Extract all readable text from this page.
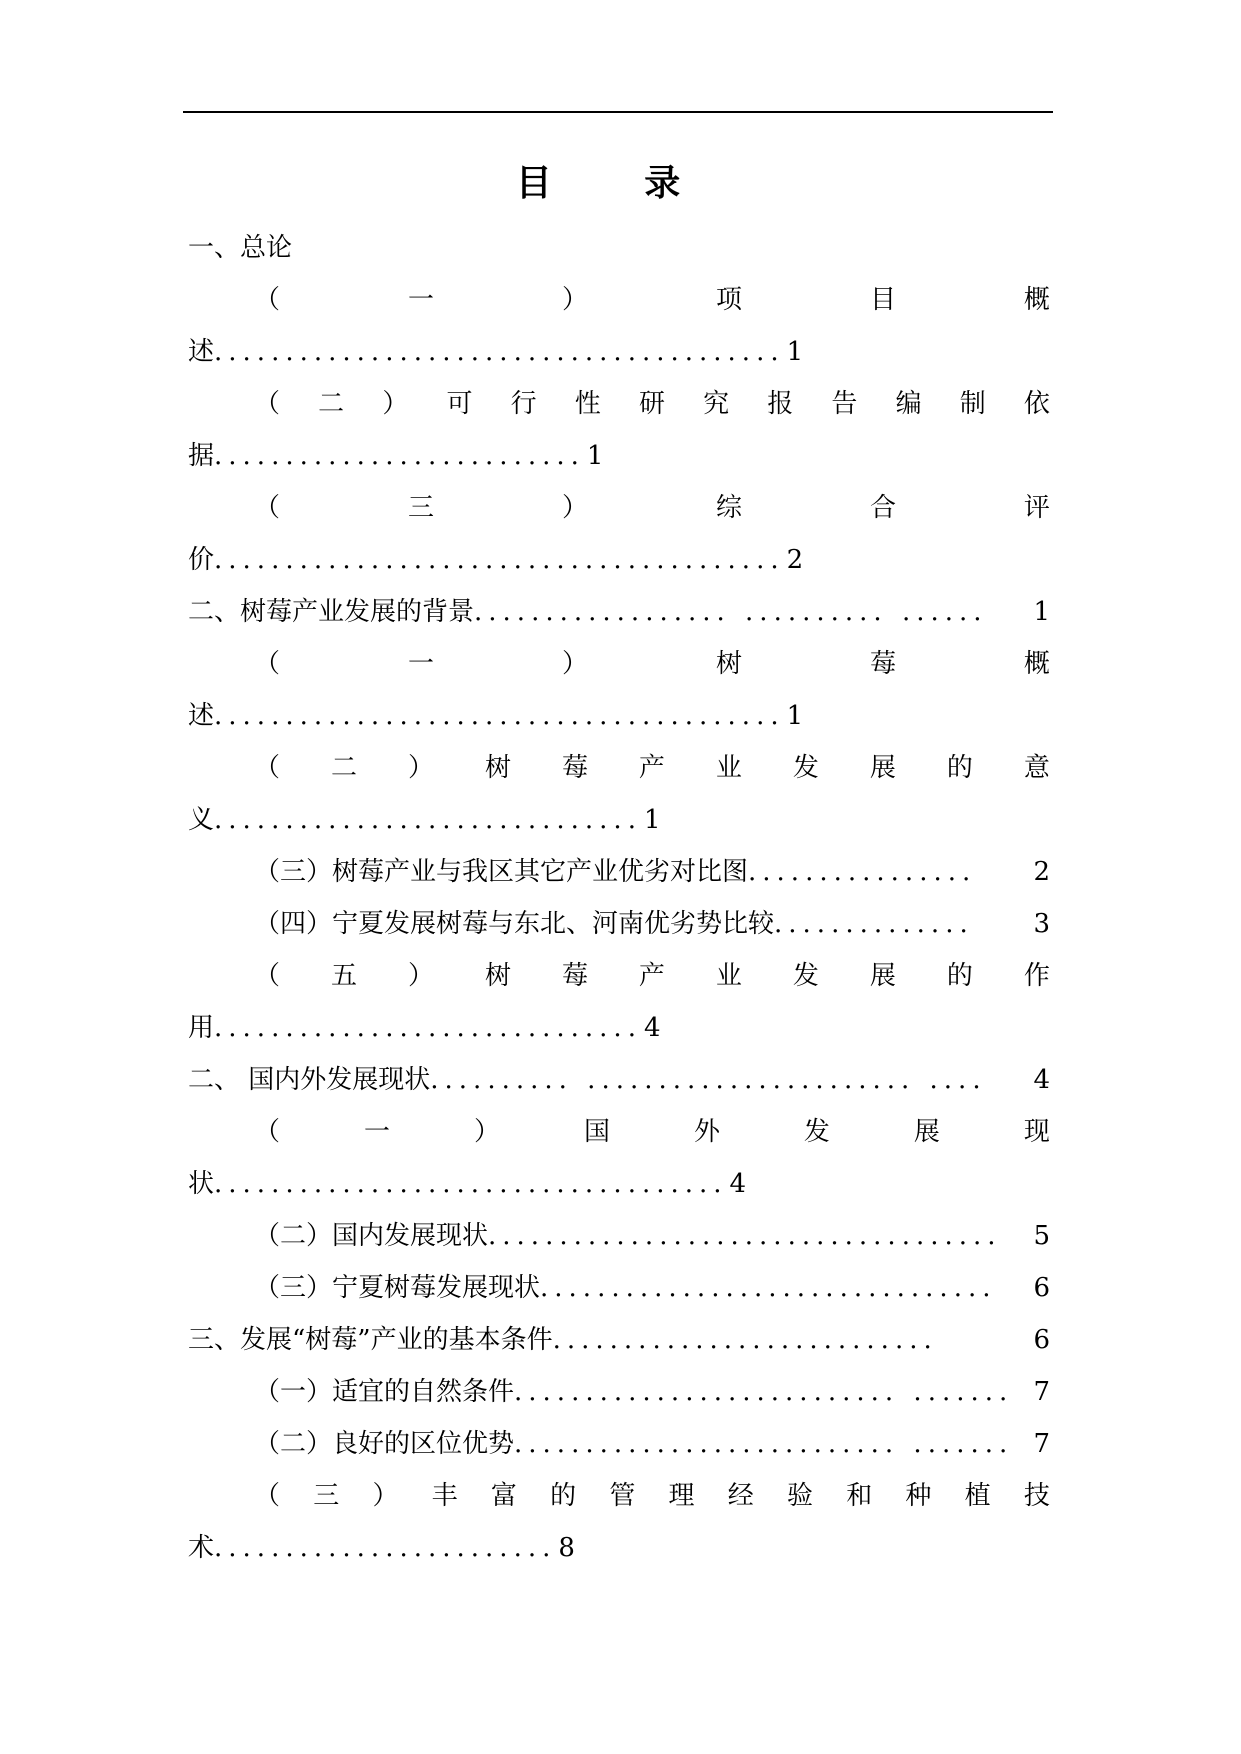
目 录
一、总论
（	一	）	项	目	概
述........................................1
（ 二 ） 可 行 性 研 究 报 告 编 制 依
据..........................1
（	三	）	综	合	评
价........................................2
二、树莓产业发展的背景 .................. .......... ......	1
（	一	）	树	莓	概
述........................................1
（ 二 ） 树 莓 产 业 发 展 的 意
义..............................1
（三）树莓产业与我区其它产业优劣对比图 ................	2
（四）宁夏发展树莓与东北、河南优劣势比较 ..............	3
（ 五 ） 树 莓 产 业 发 展 的 作
用..............................4
二、 国内外发展现状 .......... ....................... ....	4
（	一	）	国	外	发	展	现
状....................................4
（二）国内发展现状 ....................................	5
（三）宁夏树莓发展现状 ................................	6
三、发展“树莓”产业的基本条件 ...........................	6
（一）适宜的自然条件 ........................... ....... 7
（二）良好的区位优势 ........................... ....... 7
（ 三 ） 丰 富 的 管 理 经 验 和 种 植 技
术........................8
